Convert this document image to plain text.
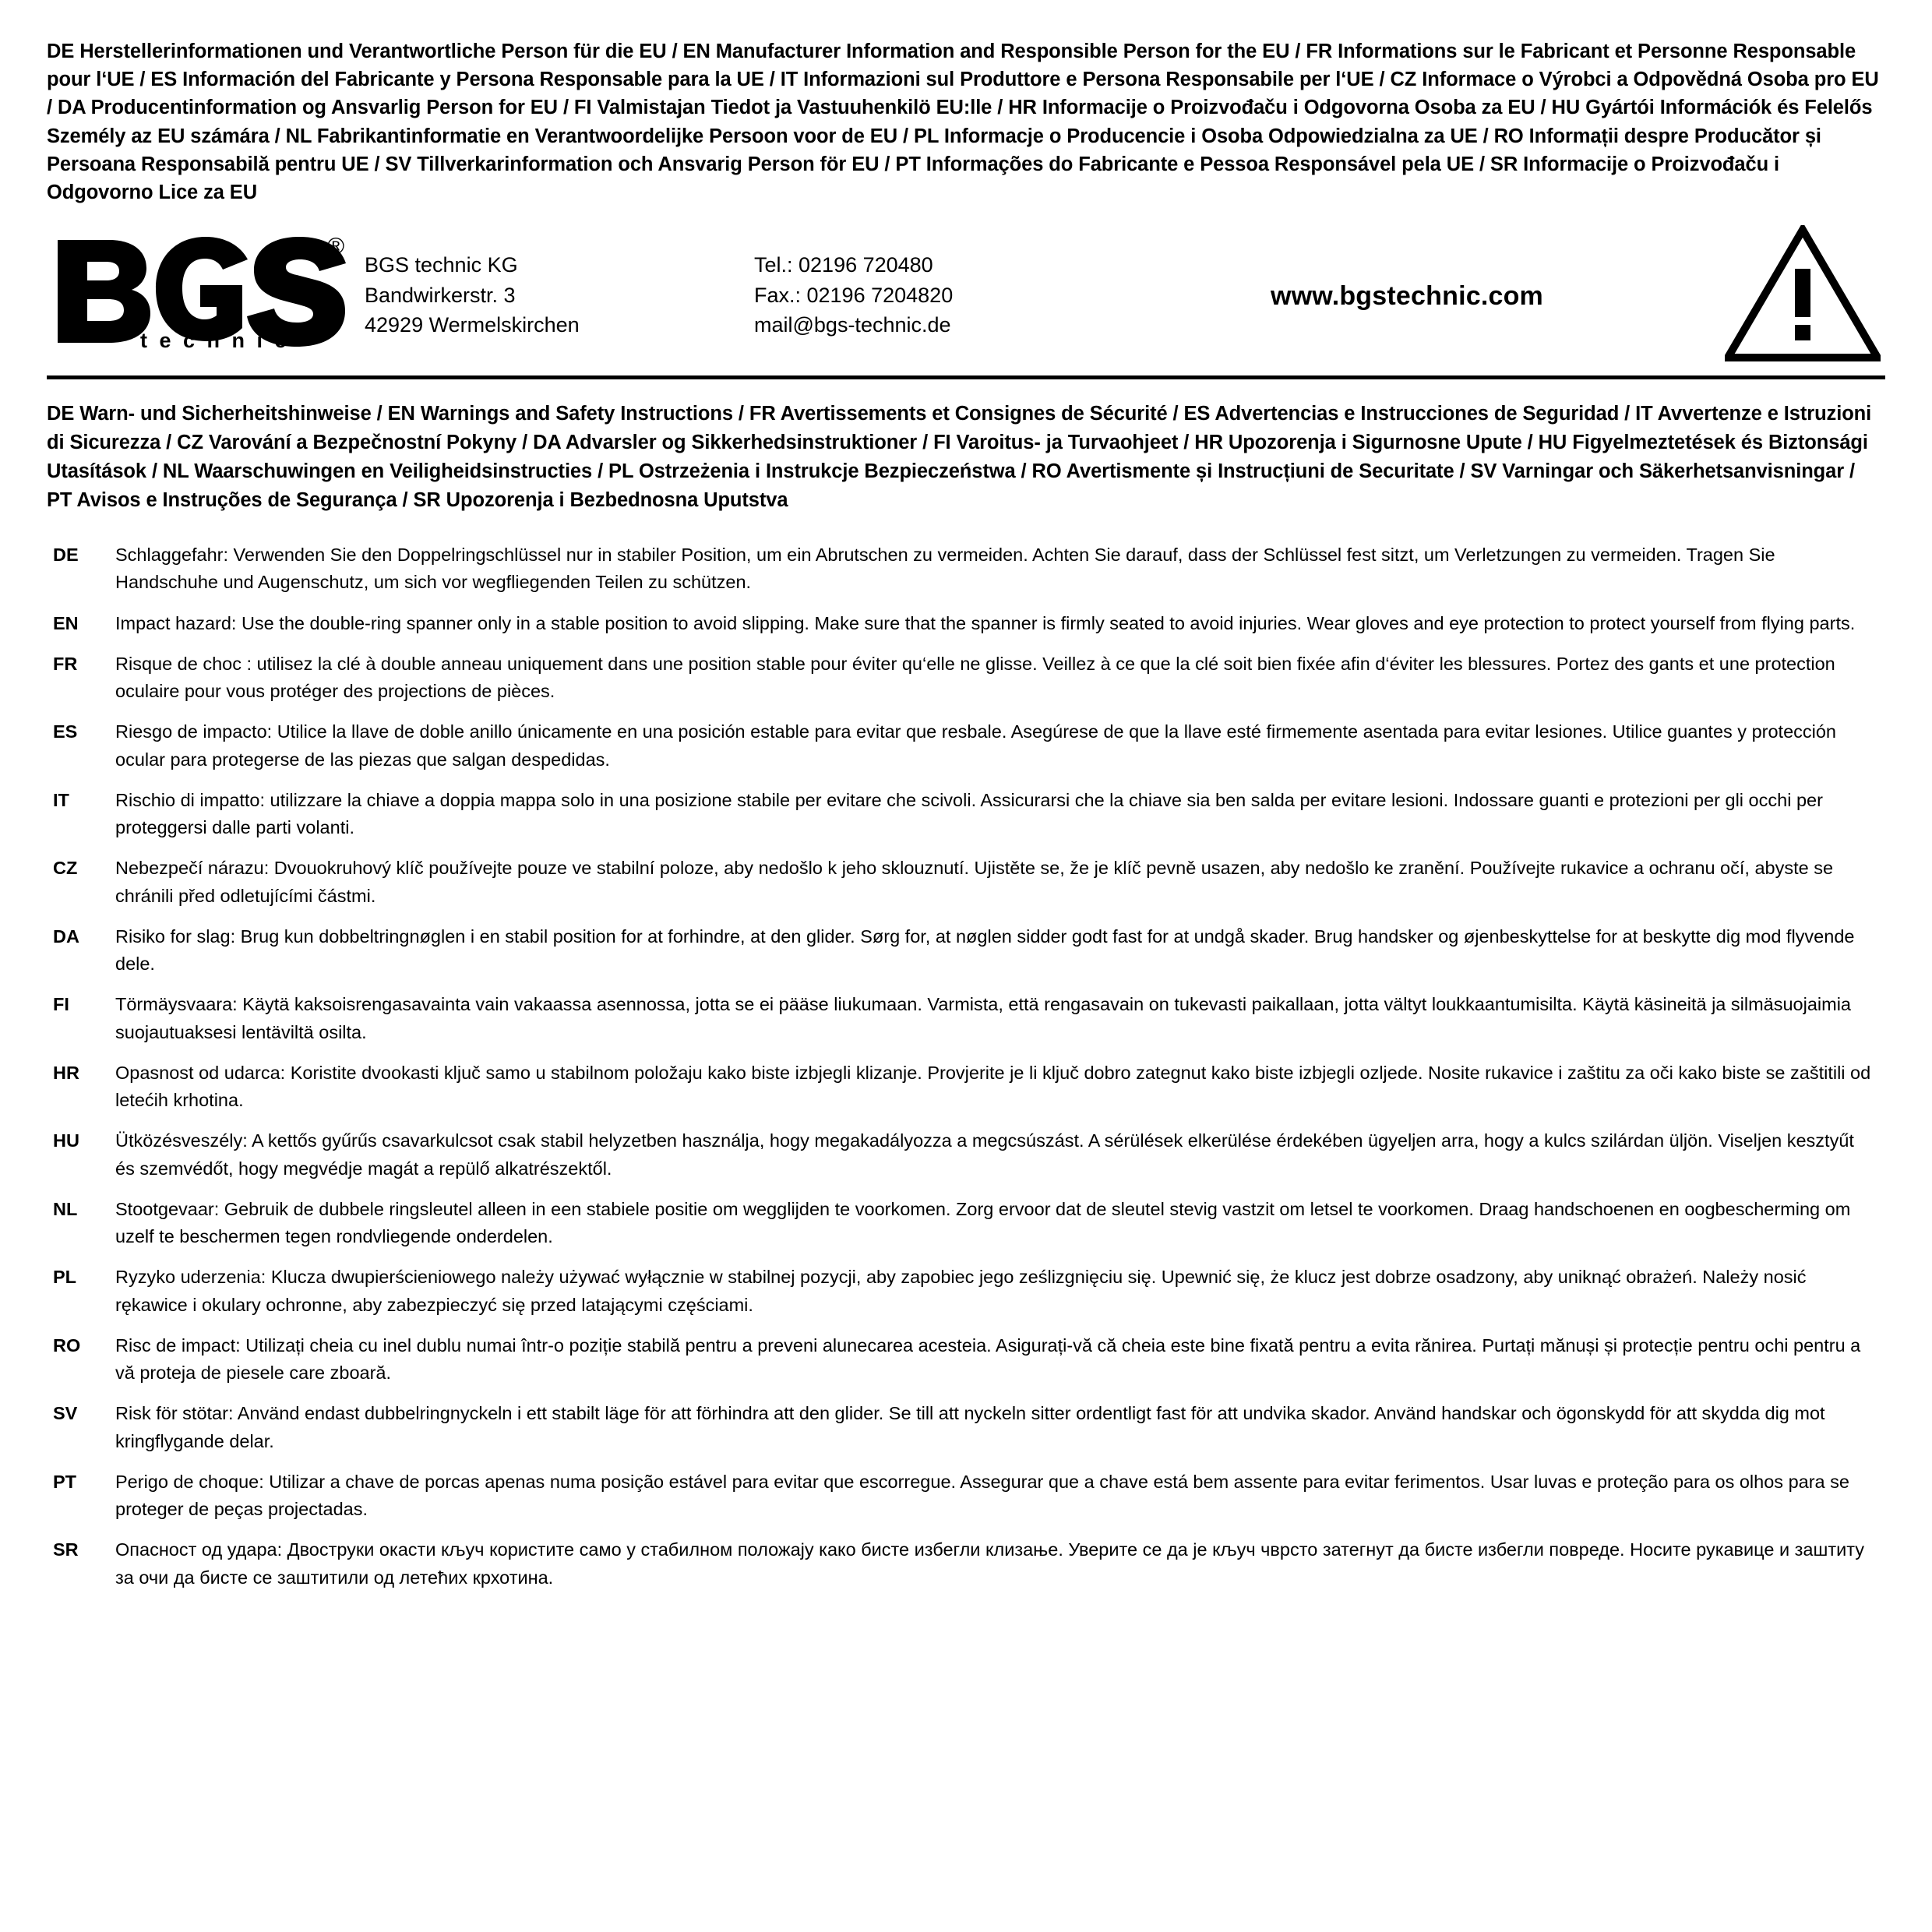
DE Herstellerinformationen und Verantwortliche Person für die EU / EN Manufacturer Information and Responsible Person for the EU / FR Informations sur le Fabricant et Personne Responsable pour l‘UE / ES Información del Fabricante y Persona Responsable para la UE / IT Informazioni sul Produttore e Persona Responsabile per l‘UE / CZ Informace o Výrobci a Odpovědná Osoba pro EU / DA Producentinformation og Ansvarlig Person for EU / FI Valmistajan Tiedot ja Vastuuhenkilö EU:lle / HR Informacije o Proizvođaču i Odgovorna Osoba za EU / HU Gyártói Információk és Felelős Személy az EU számára / NL Fabrikantinformatie en Verantwoordelijke Persoon voor de EU / PL Informacje o Producencie i Osoba Odpowiedzialna za UE / RO Informații despre Producător și Persoana Responsabilă pentru UE / SV Tillverkarinformation och Ansvarig Person för EU / PT Informações do Fabricante e Pessoa Responsável pela UE / SR Informacije o Proizvođaču i Odgovorno Lice za EU
®
t e c h n i c
BGS technic KG
Bandwirkerstr. 3
42929 Wermelskirchen
Tel.: 02196 720480
Fax.: 02196 7204820
mail@bgs-technic.de
www.bgstechnic.com
DE Warn- und Sicherheitshinweise / EN Warnings and Safety Instructions / FR Avertissements et Consignes de Sécurité / ES Advertencias e Instrucciones de Seguridad / IT Avvertenze e Istruzioni di Sicurezza / CZ Varování a Bezpečnostní Pokyny / DA Advarsler og Sikkerhedsinstruktioner / FI Varoitus- ja Turvaohjeet / HR Upozorenja i Sigurnosne Upute / HU Figyelmeztetések és Biztonsági Utasítások / NL Waarschuwingen en Veiligheidsinstructies / PL Ostrzeżenia i Instrukcje Bezpieczeństwa / RO Avertismente și Instrucțiuni de Securitate / SV Varningar och Säkerhetsanvisningar / PT Avisos e Instruções de Segurança / SR Upozorenja i Bezbednosna Uputstva
DE	Schlaggefahr: Verwenden Sie den Doppelringschlüssel nur in stabiler Position, um ein Abrutschen zu vermeiden. Achten Sie darauf, dass der Schlüssel fest sitzt, um Verletzungen zu vermeiden. Tragen Sie Handschuhe und Augenschutz, um sich vor wegfliegenden Teilen zu schützen.
EN	Impact hazard: Use the double-ring spanner only in a stable position to avoid slipping. Make sure that the spanner is firmly seated to avoid injuries. Wear gloves and eye protection to protect yourself from flying parts.
FR	Risque de choc : utilisez la clé à double anneau uniquement dans une position stable pour éviter qu‘elle ne glisse. Veillez à ce que la clé soit bien fixée afin d‘éviter les blessures. Portez des gants et une protection oculaire pour vous protéger des projections de pièces.
ES	Riesgo de impacto: Utilice la llave de doble anillo únicamente en una posición estable para evitar que resbale. Asegúrese de que la llave esté firmemente asentada para evitar lesiones. Utilice guantes y protección ocular para protegerse de las piezas que salgan despedidas.
IT	Rischio di impatto: utilizzare la chiave a doppia mappa solo in una posizione stabile per evitare che scivoli. Assicurarsi che la chiave sia ben salda per evitare lesioni. Indossare guanti e protezioni per gli occhi per proteggersi dalle parti volanti.
CZ	Nebezpečí nárazu: Dvouokruhový klíč používejte pouze ve stabilní poloze, aby nedošlo k jeho sklouznutí. Ujistěte se, že je klíč pevně usazen, aby nedošlo ke zranění. Používejte rukavice a ochranu očí, abyste se chránili před odletujícími částmi.
DA	Risiko for slag: Brug kun dobbeltringnøglen i en stabil position for at forhindre, at den glider. Sørg for, at nøglen sidder godt fast for at undgå skader. Brug handsker og øjenbeskyttelse for at beskytte dig mod flyvende dele.
FI	Törmäysvaara: Käytä kaksoisrengasavainta vain vakaassa asennossa, jotta se ei pääse liukumaan. Varmista, että rengasavain on tukevasti paikallaan, jotta vältyt loukkaantumisilta. Käytä käsineitä ja silmäsuojaimia suojautuaksesi lentäviltä osilta.
HR	Opasnost od udarca: Koristite dvookasti ključ samo u stabilnom položaju kako biste izbjegli klizanje. Provjerite je li ključ dobro zategnut kako biste izbjegli ozljede. Nosite rukavice i zaštitu za oči kako biste se zaštitili od letećih krhotina.
HU	Ütközésveszély: A kettős gyűrűs csavarkulcsot csak stabil helyzetben használja, hogy megakadályozza a megcsúszást. A sérülések elkerülése érdekében ügyeljen arra, hogy a kulcs szilárdan üljön. Viseljen kesztyűt és szemvédőt, hogy megvédje magát a repülő alkatrészektől.
NL	Stootgevaar: Gebruik de dubbele ringsleutel alleen in een stabiele positie om wegglijden te voorkomen. Zorg ervoor dat de sleutel stevig vastzit om letsel te voorkomen. Draag handschoenen en oogbescherming om uzelf te beschermen tegen rondvliegende onderdelen.
PL	Ryzyko uderzenia: Klucza dwupierścieniowego należy używać wyłącznie w stabilnej pozycji, aby zapobiec jego ześlizgnięciu się. Upewnić się, że klucz jest dobrze osadzony, aby uniknąć obrażeń. Należy nosić rękawice i okulary ochronne, aby zabezpieczyć się przed latającymi częściami.
RO	Risc de impact: Utilizați cheia cu inel dublu numai într-o poziție stabilă pentru a preveni alunecarea acesteia. Asigurați-vă că cheia este bine fixată pentru a evita rănirea. Purtați mănuși și protecție pentru ochi pentru a vă proteja de piesele care zboară.
SV	Risk för stötar: Använd endast dubbelringnyckeln i ett stabilt läge för att förhindra att den glider. Se till att nyckeln sitter ordentligt fast för att undvika skador. Använd handskar och ögonskydd för att skydda dig mot kringflygande delar.
PT	Perigo de choque: Utilizar a chave de porcas apenas numa posição estável para evitar que escorregue. Assegurar que a chave está bem assente para evitar ferimentos. Usar luvas e proteção para os olhos para se proteger de peças projectadas.
SR	Опасност од удара: Двоструки окасти кључ користите само у стабилном положају како бисте избегли клизање. Уверите се да је кључ чврсто затегнут да бисте избегли повреде. Носите рукавице и заштиту за очи да бисте се заштитили од летећих крхотина.
